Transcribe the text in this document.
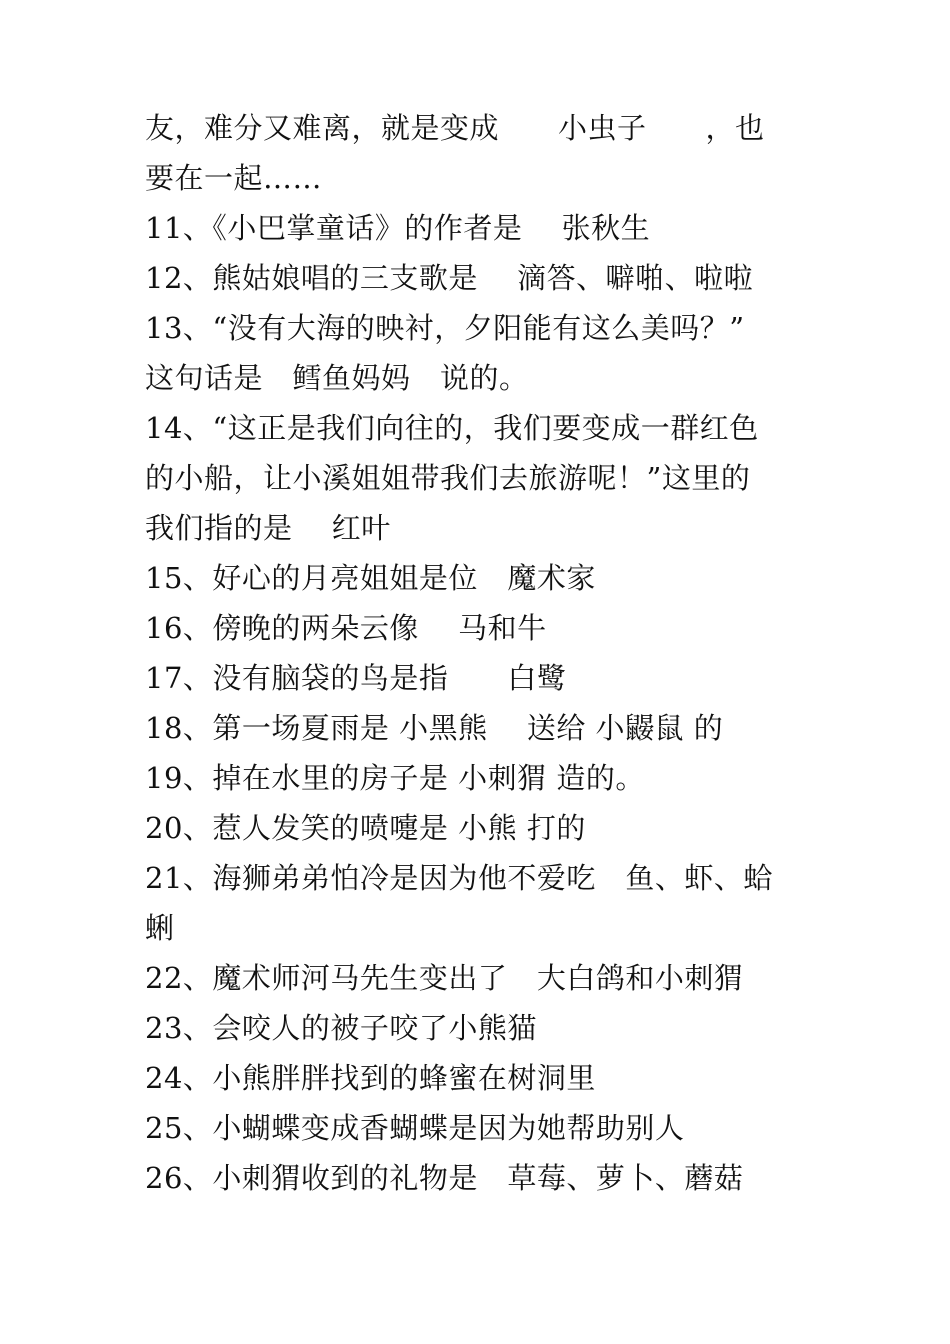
友，难分又难离，就是变成　　小虫子　　，也
要在一起……
11、《小巴掌童话》的作者是　 张秋生
12、熊姑娘唱的三支歌是　 滴答、噼啪、啦啦
13、“没有大海的映衬，夕阳能有这么美吗？”
这句话是　鳕鱼妈妈　说的。
14、“这正是我们向往的，我们要变成一群红色
的小船，让小溪姐姐带我们去旅游呢！”这里的
我们指的是　 红叶
15、好心的月亮姐姐是位　魔术家
16、傍晚的两朵云像　 马和牛
17、没有脑袋的鸟是指　　白鹭
18、第一场夏雨是 小黑熊　 送给 小鼹鼠 的
19、掉在水里的房子是 小刺猬 造的。
20、惹人发笑的喷嚏是 小熊 打的
21、海狮弟弟怕冷是因为他不爱吃　鱼、虾、蛤
蜊
22、魔术师河马先生变出了　大白鸽和小刺猬
23、会咬人的被子咬了小熊猫
24、小熊胖胖找到的蜂蜜在树洞里
25、小蝴蝶变成香蝴蝶是因为她帮助别人
26、小刺猬收到的礼物是　草莓、萝卜、蘑菇
